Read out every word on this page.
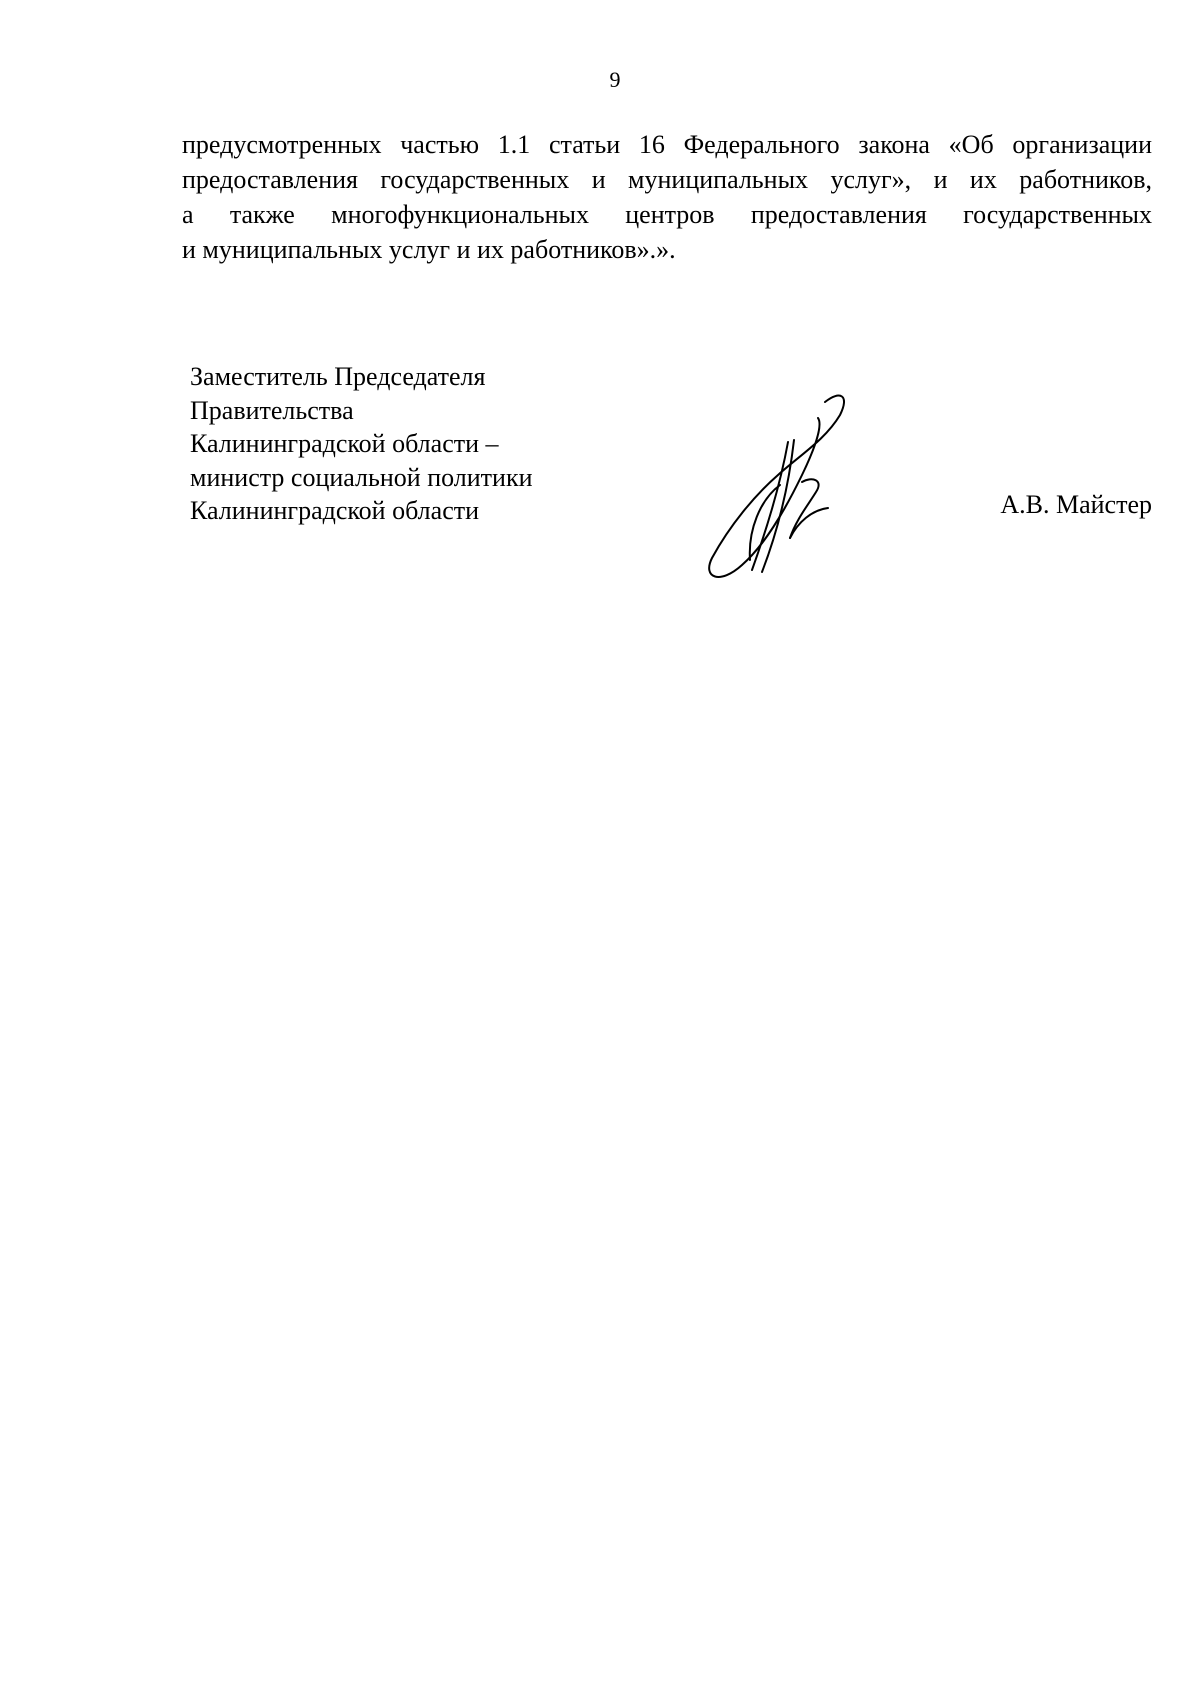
9
предусмотренных частью 1.1 статьи 16 Федерального закона «Об организации
предоставления государственных и муниципальных услуг», и их работников,
а также многофункциональных центров предоставления государственных
и муниципальных услуг и их работников».».
Заместитель Председателя
Правительства
Калининградской области –
министр социальной политики
Калининградской области	А.В. Майстер
